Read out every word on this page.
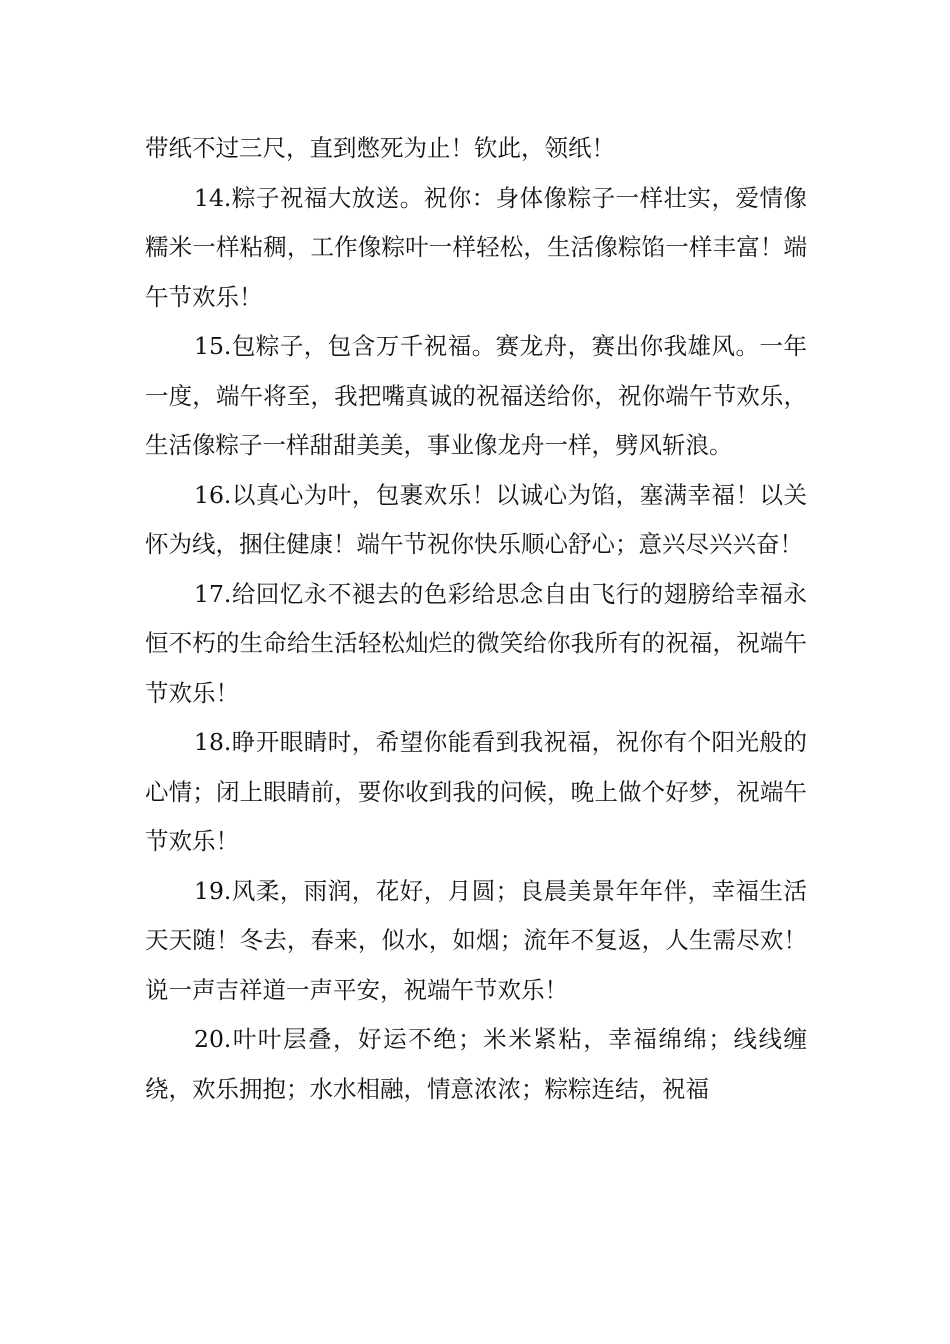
带纸不过三尺，直到憋死为止！钦此，领纸！

14.粽子祝福大放送。祝你：身体像粽子一样壮实，爱情像糯米一样粘稠，工作像粽叶一样轻松，生活像粽馅一样丰富！端午节欢乐！

15.包粽子，包含万千祝福。赛龙舟，赛出你我雄风。一年一度，端午将至，我把嘴真诚的祝福送给你，祝你端午节欢乐，生活像粽子一样甜甜美美，事业像龙舟一样，劈风斩浪。

16.以真心为叶，包裹欢乐！以诚心为馅，塞满幸福！以关怀为线，捆住健康！端午节祝你快乐顺心舒心；意兴尽兴兴奋！

17.给回忆永不褪去的色彩给思念自由飞行的翅膀给幸福永恒不朽的生命给生活轻松灿烂的微笑给你我所有的祝福，祝端午节欢乐！

18.睁开眼睛时，希望你能看到我祝福，祝你有个阳光般的心情；闭上眼睛前，要你收到我的问候，晚上做个好梦，祝端午节欢乐！

19.风柔，雨润，花好，月圆；良晨美景年年伴，幸福生活天天随！冬去，春来，似水，如烟；流年不复返，人生需尽欢！说一声吉祥道一声平安，祝端午节欢乐！

20.叶叶层叠，好运不绝；米米紧粘，幸福绵绵；线线缠绕，欢乐拥抱；水水相融，情意浓浓；粽粽连结，祝福
